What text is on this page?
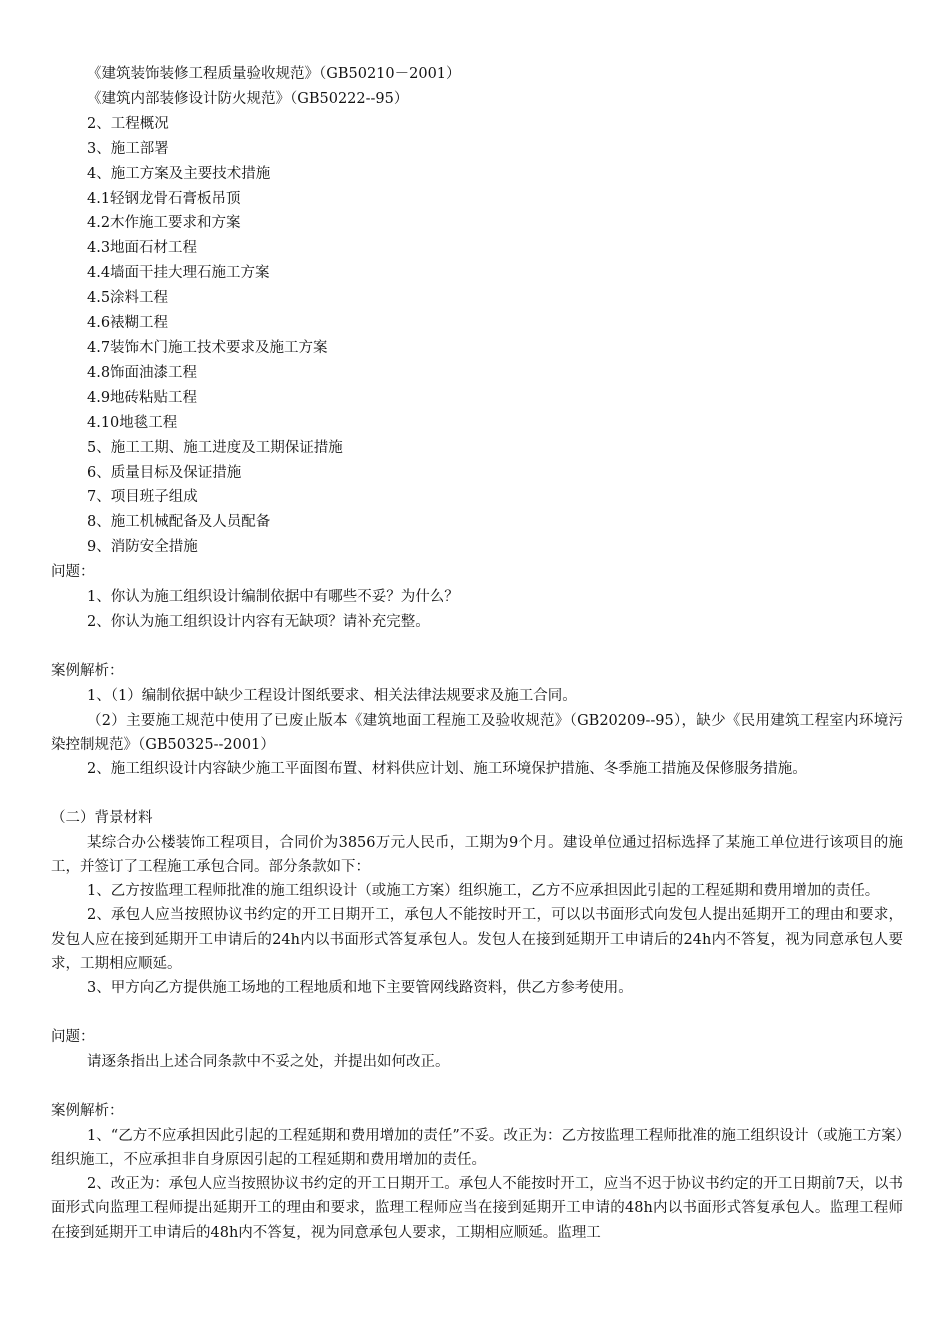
《建筑装饰装修工程质量验收规范》（GB50210－2001）
《建筑内部装修设计防火规范》（GB50222--95）
2、工程概况
3、施工部署
4、施工方案及主要技术措施
4.1轻钢龙骨石膏板吊顶
4.2木作施工要求和方案
4.3地面石材工程
4.4墙面干挂大理石施工方案
4.5涂料工程
4.6裱糊工程
4.7装饰木门施工技术要求及施工方案
4.8饰面油漆工程
4.9地砖粘贴工程
4.10地毯工程
5、施工工期、施工进度及工期保证措施
6、质量目标及保证措施
7、项目班子组成
8、施工机械配备及人员配备
9、消防安全措施
问题：
1、你认为施工组织设计编制依据中有哪些不妥？为什么？
2、你认为施工组织设计内容有无缺项？请补充完整。
案例解析：
1、（1）编制依据中缺少工程设计图纸要求、相关法律法规要求及施工合同。
（2）主要施工规范中使用了已废止版本《建筑地面工程施工及验收规范》（GB20209--95），缺少《民用建筑工程室内环境污染控制规范》（GB50325--2001）
2、施工组织设计内容缺少施工平面图布置、材料供应计划、施工环境保护措施、冬季施工措施及保修服务措施。
（二）背景材料
某综合办公楼装饰工程项目，合同价为3856万元人民币，工期为9个月。建设单位通过招标选择了某施工单位进行该项目的施工，并签订了工程施工承包合同。部分条款如下：
1、乙方按监理工程师批准的施工组织设计（或施工方案）组织施工，乙方不应承担因此引起的工程延期和费用增加的责任。
2、承包人应当按照协议书约定的开工日期开工，承包人不能按时开工，可以以书面形式向发包人提出延期开工的理由和要求，发包人应在接到延期开工申请后的24h内以书面形式答复承包人。发包人在接到延期开工申请后的24h内不答复，视为同意承包人要求，工期相应顺延。
3、甲方向乙方提供施工场地的工程地质和地下主要管网线路资料，供乙方参考使用。
问题：
请逐条指出上述合同条款中不妥之处，并提出如何改正。
案例解析：
1、“乙方不应承担因此引起的工程延期和费用增加的责任”不妥。改正为：乙方按监理工程师批准的施工组织设计（或施工方案）组织施工，不应承担非自身原因引起的工程延期和费用增加的责任。
2、改正为：承包人应当按照协议书约定的开工日期开工。承包人不能按时开工，应当不迟于协议书约定的开工日期前7天，以书面形式向监理工程师提出延期开工的理由和要求，监理工程师应当在接到延期开工申请的48h内以书面形式答复承包人。监理工程师在接到延期开工申请后的48h内不答复，视为同意承包人要求，工期相应顺延。监理工
